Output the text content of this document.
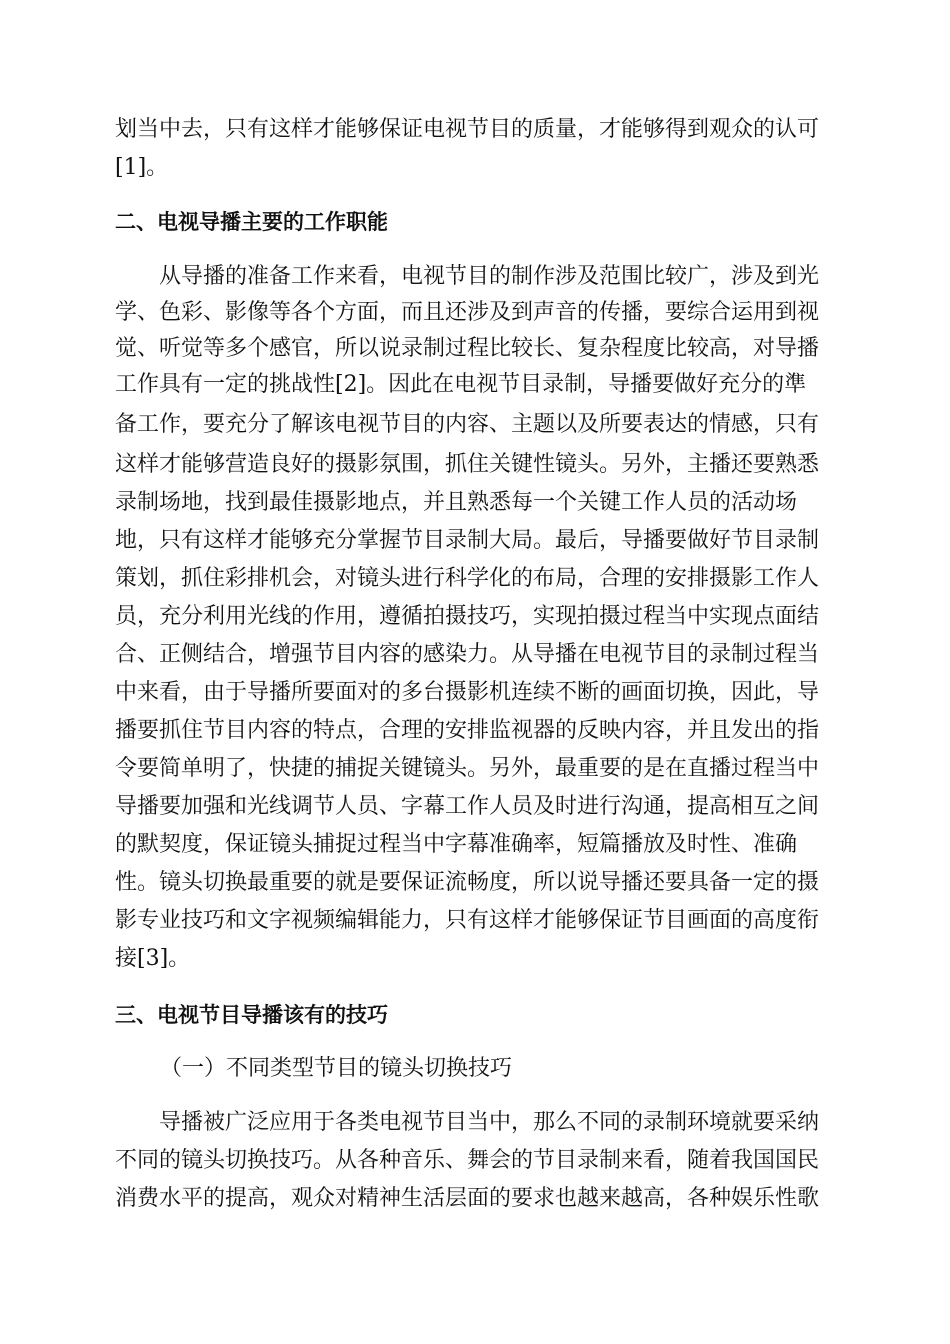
划当中去，只有这样才能够保证电视节目的质量，才能够得到观众的认可
[1]。
二、电视导播主要的工作职能
　　从导播的准备工作来看，电视节目的制作涉及范围比较广，涉及到光
学、色彩、影像等各个方面，而且还涉及到声音的传播，要综合运用到视
觉、听觉等多个感官，所以说录制过程比较长、复杂程度比较高，对导播
工作具有一定的挑战性[2]。因此在电视节目录制，导播要做好充分的準
备工作，要充分了解该电视节目的内容、主题以及所要表达的情感，只有
这样才能够营造良好的摄影氛围，抓住关键性镜头。另外，主播还要熟悉
录制场地，找到最佳摄影地点，并且熟悉每一个关键工作人员的活动场
地，只有这样才能够充分掌握节目录制大局。最后，导播要做好节目录制
策划，抓住彩排机会，对镜头进行科学化的布局，合理的安排摄影工作人
员，充分利用光线的作用，遵循拍摄技巧，实现拍摄过程当中实现点面结
合、正侧结合，增强节目内容的感染力。从导播在电视节目的录制过程当
中来看，由于导播所要面对的多台摄影机连续不断的画面切换，因此，导
播要抓住节目内容的特点，合理的安排监视器的反映内容，并且发出的指
令要简单明了，快捷的捕捉关键镜头。另外，最重要的是在直播过程当中
导播要加强和光线调节人员、字幕工作人员及时进行沟通，提高相互之间
的默契度，保证镜头捕捉过程当中字幕准确率，短篇播放及时性、准确
性。镜头切换最重要的就是要保证流畅度，所以说导播还要具备一定的摄
影专业技巧和文字视频编辑能力，只有这样才能够保证节目画面的高度衔
接[3]。
三、电视节目导播该有的技巧
（一）不同类型节目的镜头切换技巧
　　导播被广泛应用于各类电视节目当中，那么不同的录制环境就要采纳
不同的镜头切换技巧。从各种音乐、舞会的节目录制来看，随着我国国民
消费水平的提高，观众对精神生活层面的要求也越来越高，各种娱乐性歌
